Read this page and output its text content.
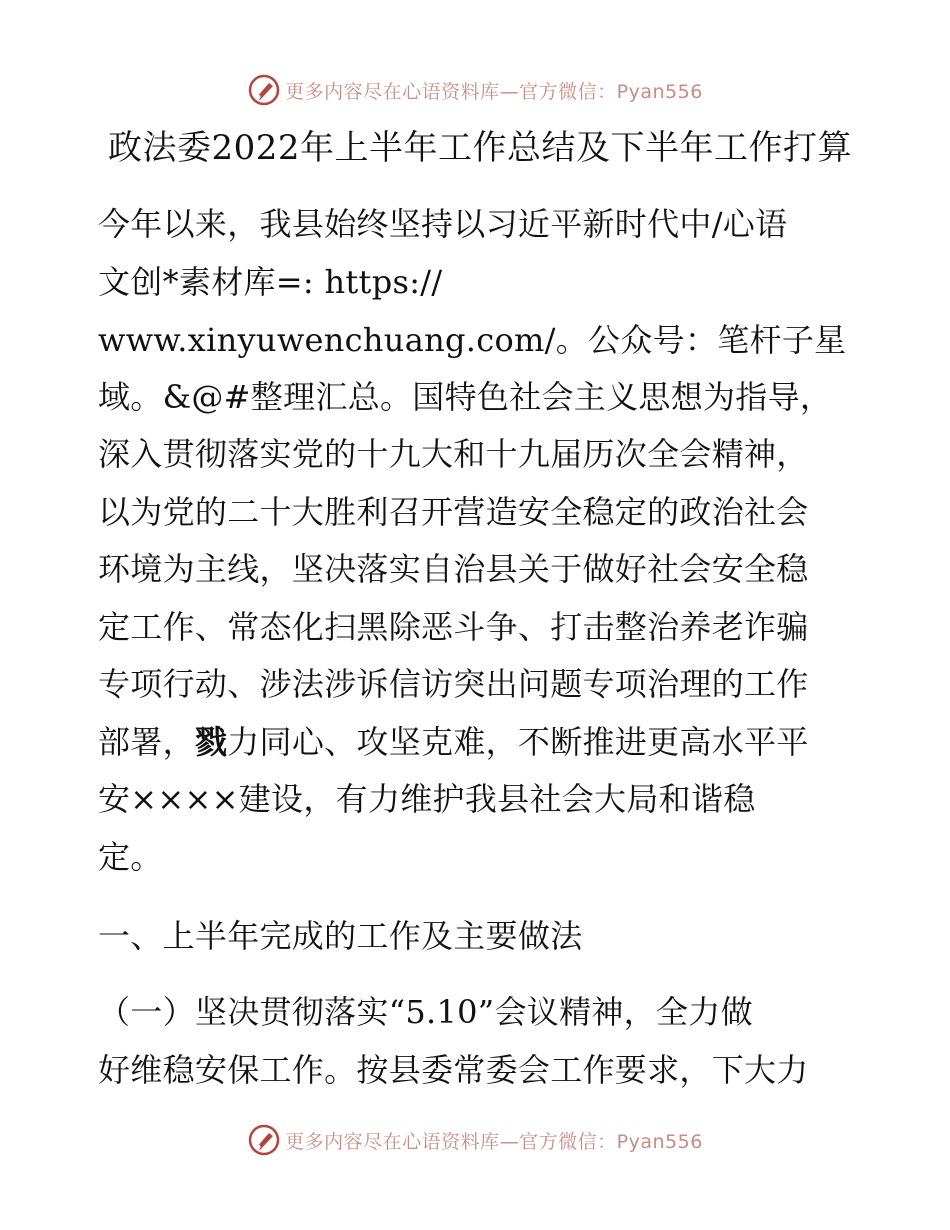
更多内容尽在心语资料库—官方微信：Pyan556
政法委2022年上半年工作总结及下半年工作打算
今年以来，我县始终坚持以习近平新时代中/心语
文创*素材库=: https://
www.xinyuwenchuang.com/。公众号：笔杆子星
域。&@#整理汇总。国特色社会主义思想为指导，
深入贯彻落实党的十九大和十九届历次全会精神，
以为党的二十大胜利召开营造安全稳定的政治社会
环境为主线，坚决落实自治县关于做好社会安全稳
定工作、常态化扫黑除恶斗争、打击整治养老诈骗
专项行动、涉法涉诉信访突出问题专项治理的工作
部署，戮力同心、攻坚克难，不断推进更高水平平
安××××建设，有力维护我县社会大局和谐稳
定。
一、上半年完成的工作及主要做法
（一）坚决贯彻落实“5.10”会议精神，全力做
好维稳安保工作。按县委常委会工作要求，下大力
更多内容尽在心语资料库—官方微信：Pyan556
